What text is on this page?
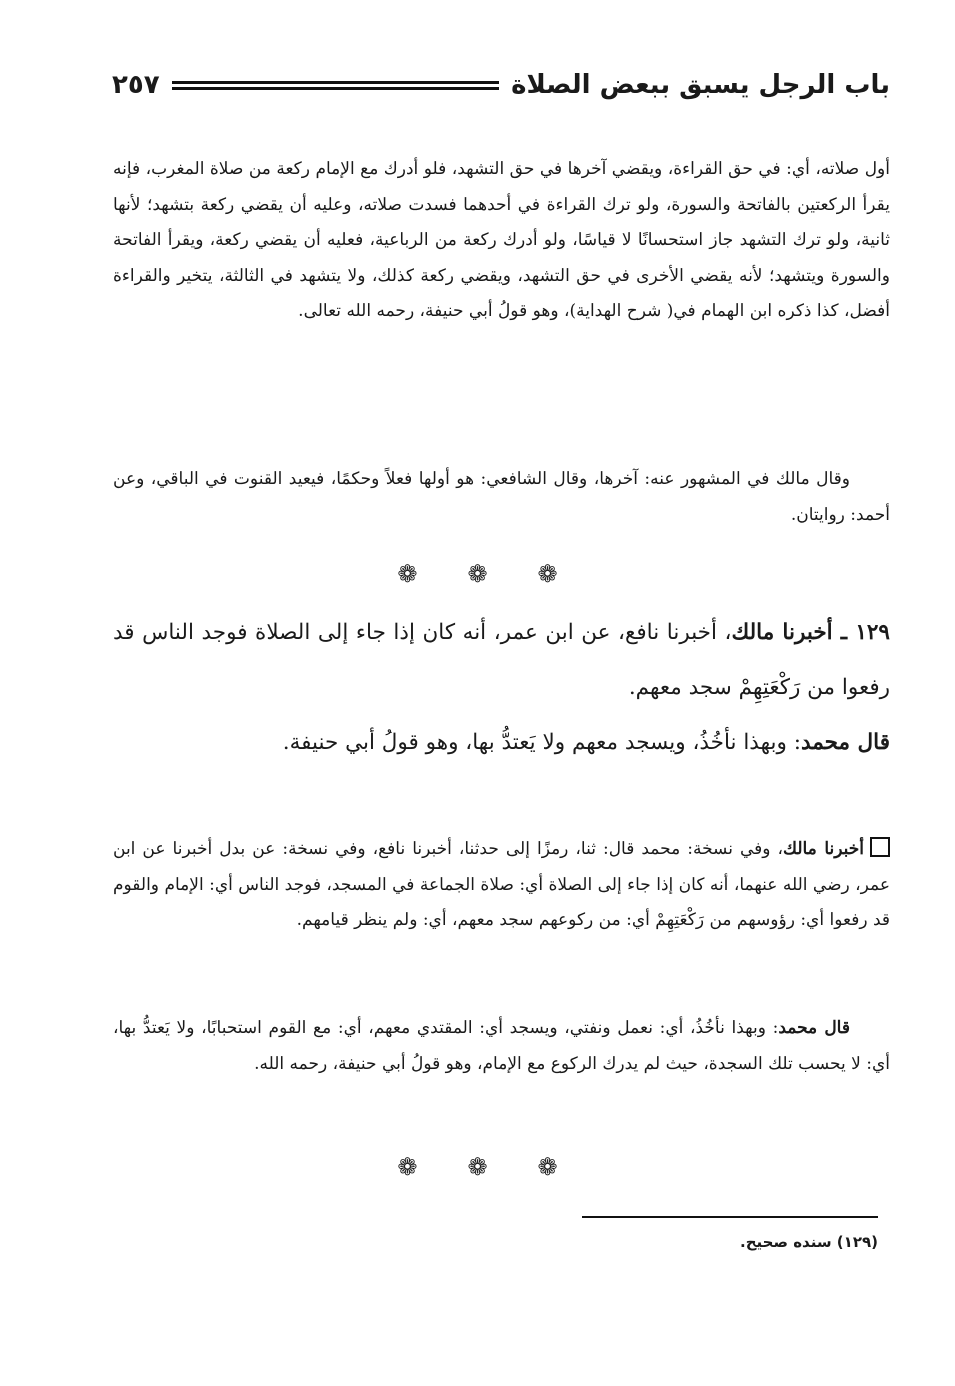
باب الرجل يسبق ببعض الصلاة
٢٥٧

أول صلاته، أي: في حق القراءة، ويقضي آخرها في حق التشهد، فلو أدرك مع الإمام ركعة من صلاة المغرب، فإنه يقرأ الركعتين بالفاتحة والسورة، ولو ترك القراءة في أحدهما فسدت صلاته، وعليه أن يقضي ركعة بتشهد؛ لأنها ثانية، ولو ترك التشهد جاز استحسانًا لا قياسًا، ولو أدرك ركعة من الرباعية، فعليه أن يقضي ركعة، ويقرأ الفاتحة والسورة ويتشهد؛ لأنه يقضي الأخرى في حق التشهد، ويقضي ركعة كذلك، ولا يتشهد في الثالثة، يتخير والقراءة أفضل، كذا ذكره ابن الهمام في( شرح الهداية)، وهو قولُ أبي حنيفة، رحمه الله تعالى.

وقال مالك في المشهور عنه: آخرها، وقال الشافعي: هو أولها فعلاً وحكمًا، فيعيد القنوت في الباقي، وعن أحمد: روايتان.

❁ ❁ ❁

١٢٩ ـ أخبرنا مالك، أخبرنا نافع، عن ابن عمر، أنه كان إذا جاء إلى الصلاة فوجد الناس قد رفعوا من رَكْعَتِهِمْ سجد معهم.

قال محمد: وبهذا نأخُذُ، ويسجد معهم ولا يَعتدُّ بها، وهو قولُ أبي حنيفة.

أخبرنا مالك، وفي نسخة: محمد قال: ثنا، رمزًا إلى حدثنا، أخبرنا نافع، وفي نسخة: عن بدل أخبرنا عن ابن عمر، رضي الله عنهما، أنه كان إذا جاء إلى الصلاة أي: صلاة الجماعة في المسجد، فوجد الناس أي: الإمام والقوم قد رفعوا أي: رؤوسهم من رَكْعَتِهِمْ أي: من ركوعهم سجد معهم، أي: ولم ينظر قيامهم.

قال محمد: وبهذا نأخُذُ، أي: نعمل ونفتي، ويسجد أي: المقتدي معهم، أي: مع القوم استحبابًا، ولا يَعتدُّ بها، أي: لا يحسب تلك السجدة، حيث لم يدرك الركوع مع الإمام، وهو قولُ أبي حنيفة، رحمه الله.

❁ ❁ ❁

(١٢٩) سنده صحيح.
